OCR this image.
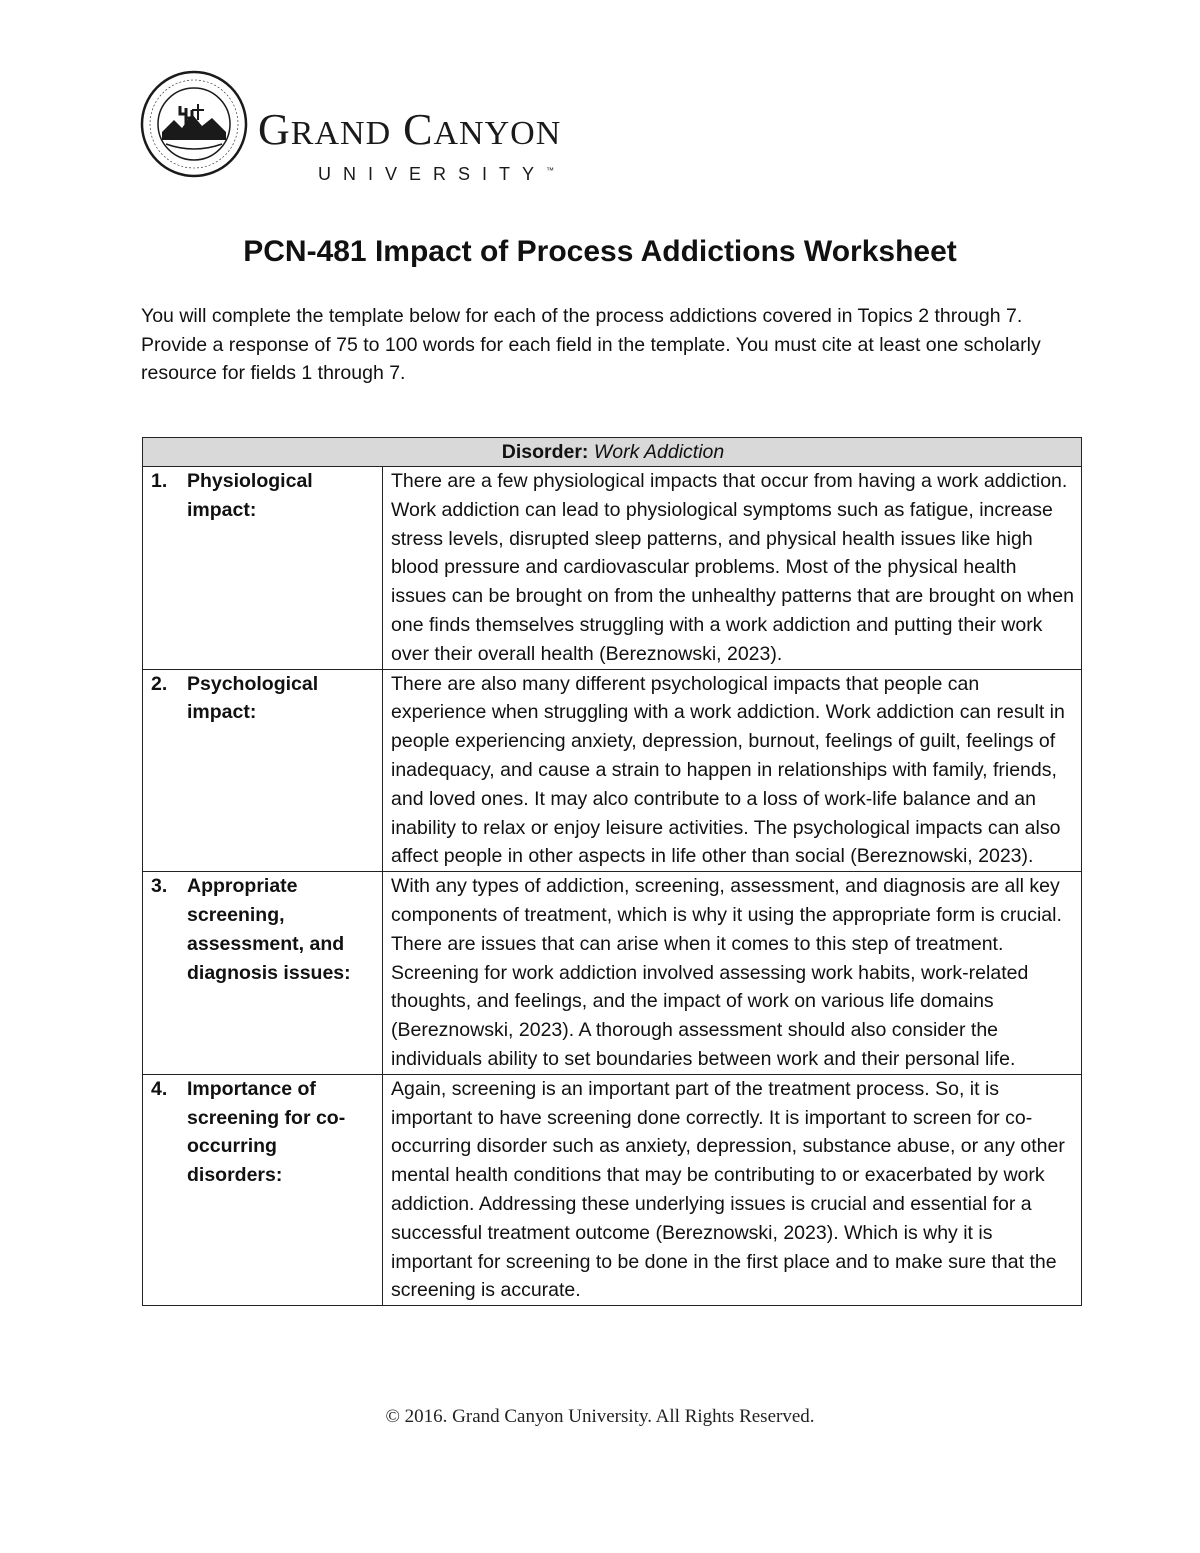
GRAND CANYON
UNIVERSITY™
PCN-481 Impact of Process Addictions Worksheet
You will complete the template below for each of the process addictions covered in Topics 2 through 7. Provide a response of 75 to 100 words for each field in the template. You must cite at least one scholarly resource for fields 1 through 7.
Disorder: Work Addiction	

1. Physiological impact:	There are a few physiological impacts that occur from having a work addiction. Work addiction can lead to physiological symptoms such as fatigue, increase stress levels, disrupted sleep patterns, and physical health issues like high blood pressure and cardiovascular problems. Most of the physical health issues can be brought on from the unhealthy patterns that are brought on when one finds themselves struggling with a work addiction and putting their work over their overall health (Bereznowski, 2023).

2. Psychological impact:	There are also many different psychological impacts that people can experience when struggling with a work addiction. Work addiction can result in people experiencing anxiety, depression, burnout, feelings of guilt, feelings of inadequacy, and cause a strain to happen in relationships with family, friends, and loved ones. It may alco contribute to a loss of work-life balance and an inability to relax or enjoy leisure activities. The psychological impacts can also affect people in other aspects in life other than social (Bereznowski, 2023).

3. Appropriate screening, assessment, and diagnosis issues:	With any types of addiction, screening, assessment, and diagnosis are all key components of treatment, which is why it using the appropriate form is crucial. There are issues that can arise when it comes to this step of treatment. Screening for work addiction involved assessing work habits, work-related thoughts, and feelings, and the impact of work on various life domains (Bereznowski, 2023). A thorough assessment should also consider the individuals ability to set boundaries between work and their personal life.

4. Importance of screening for co-occurring disorders:	Again, screening is an important part of the treatment process. So, it is important to have screening done correctly. It is important to screen for co-occurring disorder such as anxiety, depression, substance abuse, or any other mental health conditions that may be contributing to or exacerbated by work addiction. Addressing these underlying issues is crucial and essential for a successful treatment outcome (Bereznowski, 2023). Which is why it is important for screening to be done in the first place and to make sure that the screening is accurate.
© 2016. Grand Canyon University. All Rights Reserved.
